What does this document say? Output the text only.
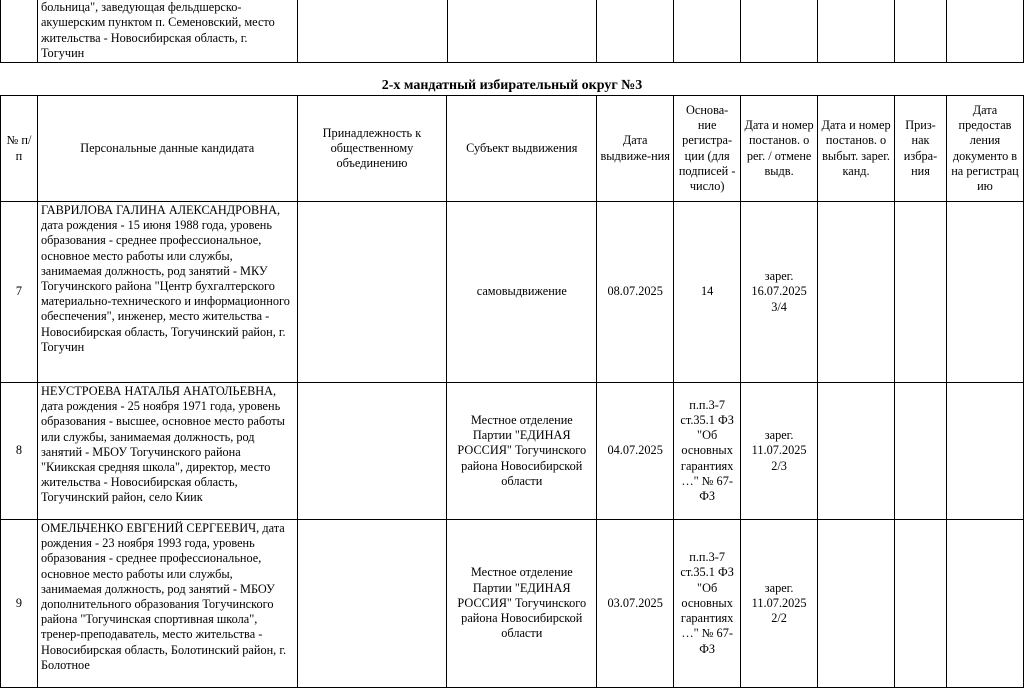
	больница", заведующая фельдшерско-акушерским пунктом п. Семеновский, место жительства - Новосибирская область, г. Тогучин								
2-х мандатный избирательный округ №3
№ п/п	Персональные данные кандидата	Принадлежность к общественному объединению	Субъект выдвижения	Дата выдвиже-ния	Основа-ние регистра-ции (для подписей - число)	Дата и номер постанов. о рег. / отмене выдв.	Дата и номер постанов. о выбыт. зарег. канд.	Приз-нак избра-ния	Дата предостав ления документо в на регистрац ию
7	ГАВРИЛОВА ГАЛИНА АЛЕКСАНДРОВНА, дата рождения - 15 июня 1988 года, уровень образования - среднее профессиональное, основное место работы или службы, занимаемая должность, род занятий - МКУ Тогучинского района "Центр бухгалтерского материально-технического и информационного обеспечения", инженер, место жительства - Новосибирская область, Тогучинский район, г. Тогучин		самовыдвижение	08.07.2025	14	зарег. 16.07.2025 3/4			
8	НЕУСТРОЕВА НАТАЛЬЯ АНАТОЛЬЕВНА, дата рождения - 25 ноября 1971 года, уровень образования - высшее, основное место работы или службы, занимаемая должность, род занятий - МБОУ Тогучинского района "Киикская средняя школа", директор, место жительства - Новосибирская область, Тогучинский район, село Киик		Местное отделение Партии "ЕДИНАЯ РОССИЯ" Тогучинского района Новосибирской области	04.07.2025	п.п.3-7 ст.35.1 ФЗ "Об основных гарантиях …" № 67-ФЗ	зарег. 11.07.2025 2/3			
9	ОМЕЛЬЧЕНКО ЕВГЕНИЙ СЕРГЕЕВИЧ, дата рождения - 23 ноября 1993 года, уровень образования - среднее профессиональное, основное место работы или службы, занимаемая должность, род занятий - МБОУ дополнительного образования Тогучинского района "Тогучинская спортивная школа", тренер-преподаватель, место жительства - Новосибирская область, Болотинский район, г. Болотное		Местное отделение Партии "ЕДИНАЯ РОССИЯ" Тогучинского района Новосибирской области	03.07.2025	п.п.3-7 ст.35.1 ФЗ "Об основных гарантиях …" № 67-ФЗ	зарег. 11.07.2025 2/2			
